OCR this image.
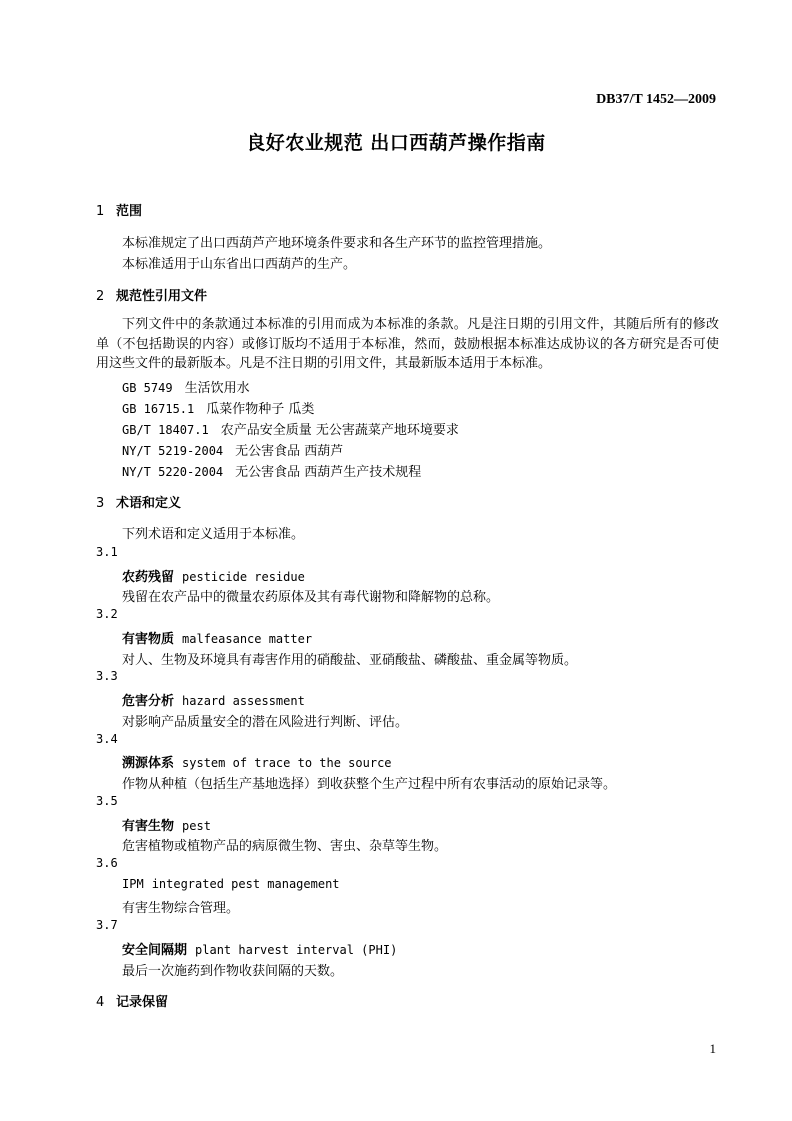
DB37/T 1452—2009
良好农业规范 出口西葫芦操作指南
1 范围
本标准规定了出口西葫芦产地环境条件要求和各生产环节的监控管理措施。
本标准适用于山东省出口西葫芦的生产。
2 规范性引用文件
下列文件中的条款通过本标准的引用而成为本标准的条款。凡是注日期的引用文件，其随后所有的修改单（不包括勘误的内容）或修订版均不适用于本标准，然而，鼓励根据本标准达成协议的各方研究是否可使用这些文件的最新版本。凡是不注日期的引用文件，其最新版本适用于本标准。
GB 5749 生活饮用水
GB 16715.1 瓜菜作物种子 瓜类
GB/T 18407.1 农产品安全质量 无公害蔬菜产地环境要求
NY/T 5219-2004 无公害食品 西葫芦
NY/T 5220-2004 无公害食品 西葫芦生产技术规程
3 术语和定义
下列术语和定义适用于本标准。
3.1
农药残留 pesticide residue
残留在农产品中的微量农药原体及其有毒代谢物和降解物的总称。
3.2
有害物质 malfeasance matter
对人、生物及环境具有毒害作用的硝酸盐、亚硝酸盐、磷酸盐、重金属等物质。
3.3
危害分析 hazard assessment
对影响产品质量安全的潜在风险进行判断、评估。
3.4
溯源体系 system of trace to the source
作物从种植（包括生产基地选择）到收获整个生产过程中所有农事活动的原始记录等。
3.5
有害生物 pest
危害植物或植物产品的病原微生物、害虫、杂草等生物。
3.6
IPM integrated pest management
有害生物综合管理。
3.7
安全间隔期 plant harvest interval (PHI)
最后一次施药到作物收获间隔的天数。
4 记录保留
1
